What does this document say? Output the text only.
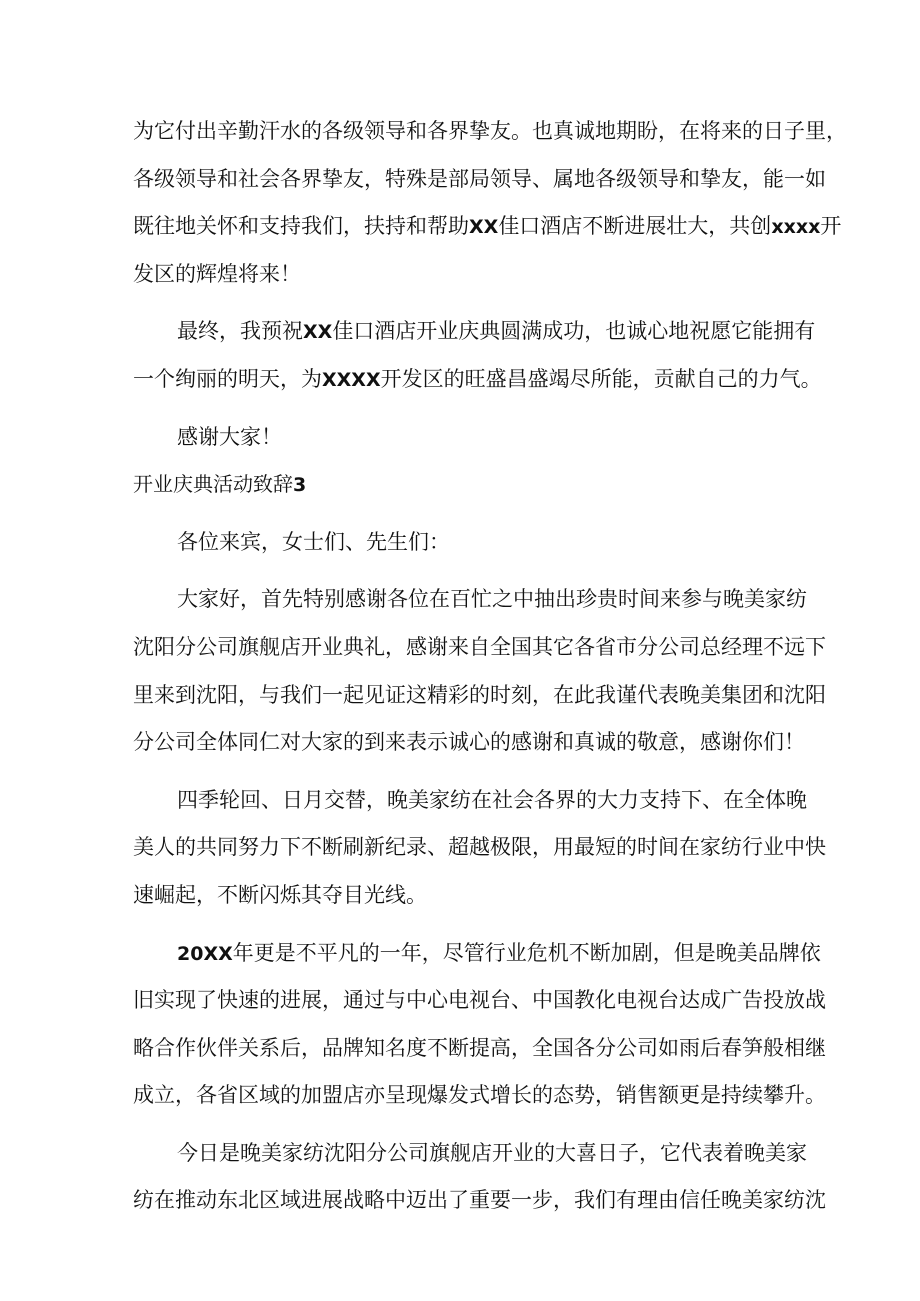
为它付出辛勤汗水的各级领导和各界挚友。也真诚地期盼，在将来的日子里，
各级领导和社会各界挚友，特殊是部局领导、属地各级领导和挚友，能一如
既往地关怀和支持我们，扶持和帮助XX佳口酒店不断进展壮大，共创xxxx开
发区的辉煌将来！
最终，我预祝XX佳口酒店开业庆典圆满成功，也诚心地祝愿它能拥有
一个绚丽的明天，为XXXX开发区的旺盛昌盛竭尽所能，贡献自己的力气。
感谢大家！
开业庆典活动致辞3
各位来宾，女士们、先生们：
大家好，首先特别感谢各位在百忙之中抽出珍贵时间来参与晚美家纺
沈阳分公司旗舰店开业典礼，感谢来自全国其它各省市分公司总经理不远下
里来到沈阳，与我们一起见证这精彩的时刻，在此我谨代表晚美集团和沈阳
分公司全体同仁对大家的到来表示诚心的感谢和真诚的敬意，感谢你们！
四季轮回、日月交替，晚美家纺在社会各界的大力支持下、在全体晚
美人的共同努力下不断刷新纪录、超越极限，用最短的时间在家纺行业中快
速崛起，不断闪烁其夺目光线。
20XX年更是不平凡的一年，尽管行业危机不断加剧，但是晚美品牌依
旧实现了快速的进展，通过与中心电视台、中国教化电视台达成广告投放战
略合作伙伴关系后，品牌知名度不断提高，全国各分公司如雨后春笋般相继
成立，各省区域的加盟店亦呈现爆发式增长的态势，销售额更是持续攀升。
今日是晚美家纺沈阳分公司旗舰店开业的大喜日子，它代表着晚美家
纺在推动东北区域进展战略中迈出了重要一步，我们有理由信任晚美家纺沈
